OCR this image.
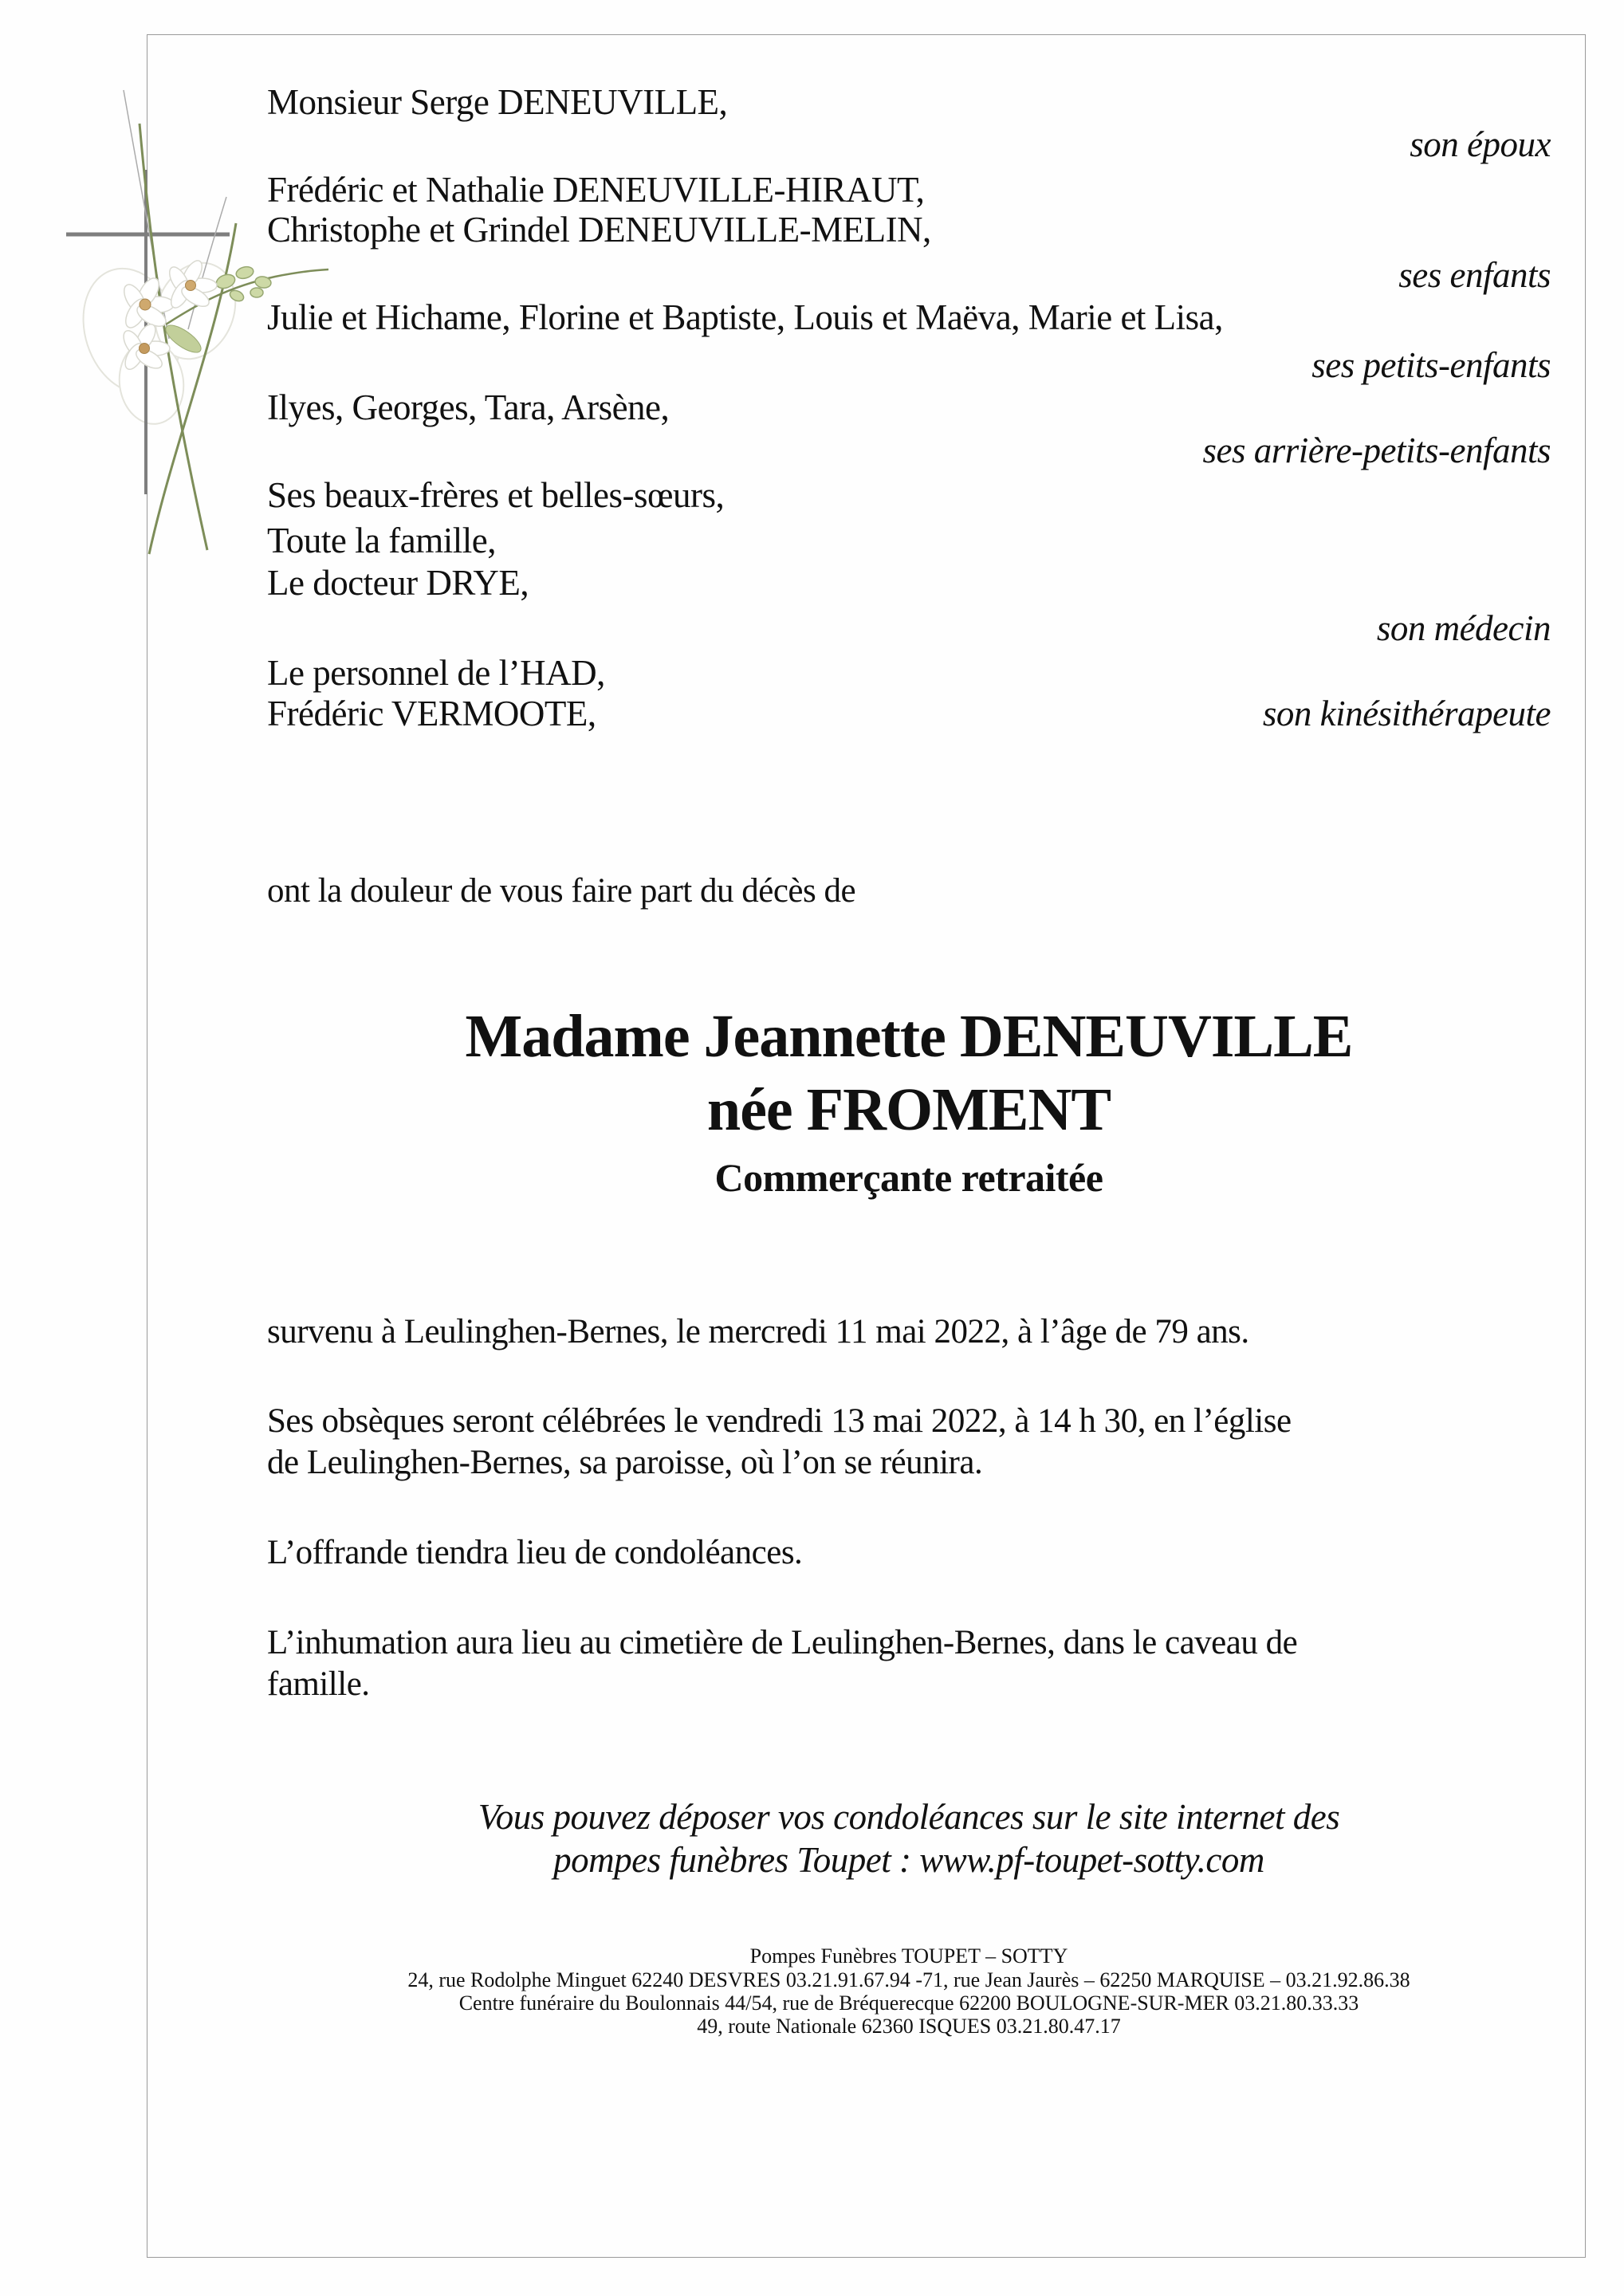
Monsieur Serge DENEUVILLE,
son époux
Frédéric et Nathalie DENEUVILLE-HIRAUT,
Christophe et Grindel DENEUVILLE-MELIN,
ses enfants
Julie et Hichame, Florine et Baptiste, Louis et Maëva, Marie et Lisa,
ses petits-enfants
Ilyes, Georges, Tara, Arsène,
ses arrière-petits-enfants
Ses beaux-frères et belles-sœurs,
Toute la famille,
Le docteur DRYE,
son médecin
Le personnel de l’HAD,
Frédéric VERMOOTE,	son kinésithérapeute
ont la douleur de vous faire part du décès de
Madame Jeannette DENEUVILLE
née FROMENT
Commerçante retraitée
survenu à Leulinghen-Bernes, le mercredi 11 mai 2022, à l’âge de 79 ans.
Ses obsèques seront célébrées le vendredi 13 mai 2022, à 14 h 30, en l’église
de Leulinghen-Bernes, sa paroisse, où l’on se réunira.
L’offrande tiendra lieu de condoléances.
L’inhumation aura lieu au cimetière de Leulinghen-Bernes, dans le caveau de
famille.
Vous pouvez déposer vos condoléances sur le site internet des
pompes funèbres Toupet : www.pf-toupet-sotty.com
Pompes Funèbres TOUPET – SOTTY
24, rue Rodolphe Minguet 62240 DESVRES 03.21.91.67.94 -71, rue Jean Jaurès – 62250 MARQUISE – 03.21.92.86.38
Centre funéraire du Boulonnais 44/54, rue de Bréquerecque 62200 BOULOGNE-SUR-MER 03.21.80.33.33
49, route Nationale 62360 ISQUES 03.21.80.47.17
